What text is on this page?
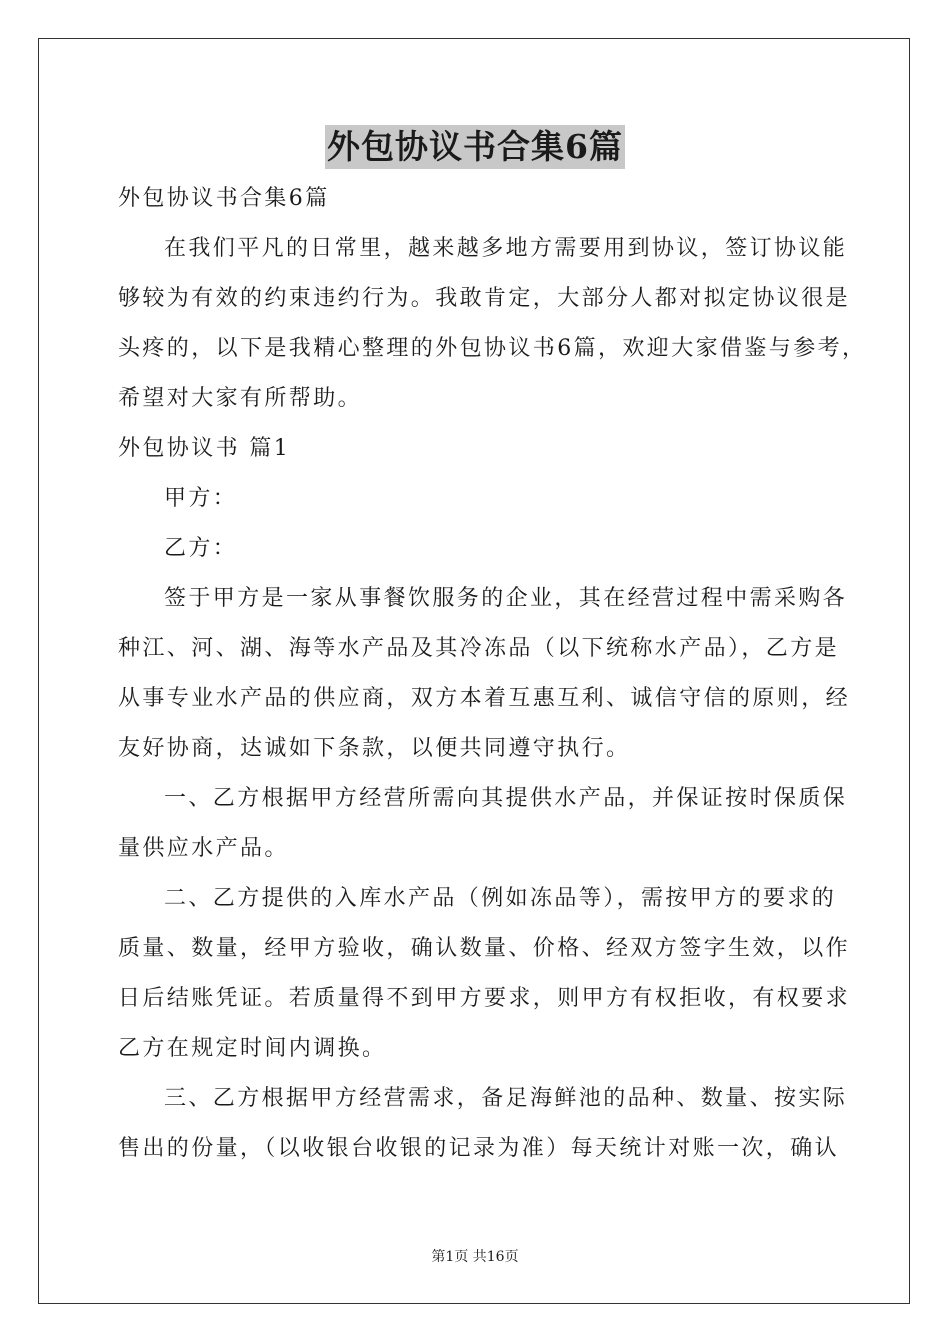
外包协议书合集6篇
外包协议书合集6篇
在我们平凡的日常里，越来越多地方需要用到协议，签订协议能
够较为有效的约束违约行为。我敢肯定，大部分人都对拟定协议很是
头疼的，以下是我精心整理的外包协议书6篇，欢迎大家借鉴与参考，
希望对大家有所帮助。
外包协议书 篇1
甲方：
乙方：
签于甲方是一家从事餐饮服务的企业，其在经营过程中需采购各
种江、河、湖、海等水产品及其冷冻品（以下统称水产品），乙方是
从事专业水产品的供应商，双方本着互惠互利、诚信守信的原则，经
友好协商，达诚如下条款，以便共同遵守执行。
一、乙方根据甲方经营所需向其提供水产品，并保证按时保质保
量供应水产品。
二、乙方提供的入库水产品（例如冻品等），需按甲方的要求的
质量、数量，经甲方验收，确认数量、价格、经双方签字生效，以作
日后结账凭证。若质量得不到甲方要求，则甲方有权拒收，有权要求
乙方在规定时间内调换。
三、乙方根据甲方经营需求，备足海鲜池的品种、数量、按实际
售出的份量，（以收银台收银的记录为准）每天统计对账一次，确认
第1页 共16页
